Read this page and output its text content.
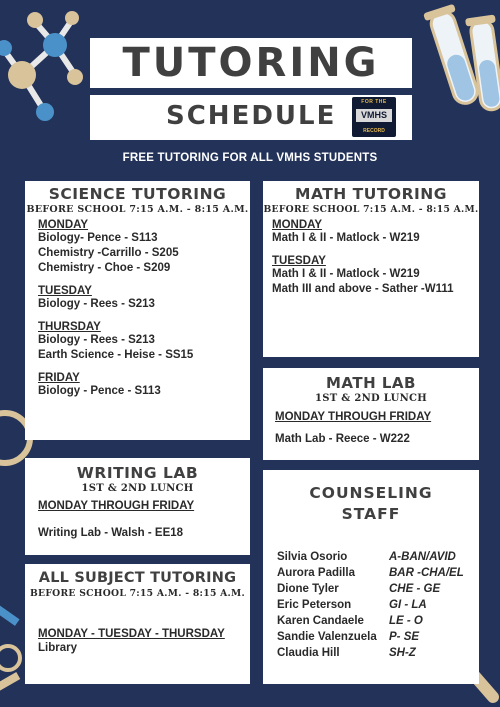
TUTORING
SCHEDULE	FOR THE
VMHS
RECORD
FREE TUTORING FOR ALL VMHS STUDENTS
SCIENCE TUTORING
BEFORE SCHOOL 7:15 A.M. - 8:15 A.M.
MONDAY
Biology- Pence - S113
Chemistry -Carrillo - S205
Chemistry - Choe - S209
TUESDAY
Biology - Rees - S213
THURSDAY
Biology - Rees - S213
Earth Science - Heise - SS15
FRIDAY
Biology - Pence - S113
MATH TUTORING
BEFORE SCHOOL 7:15 A.M. - 8:15 A.M.
MONDAY
Math I & II - Matlock - W219
TUESDAY
Math I & II - Matlock - W219
Math III and above - Sather -W111
MATH LAB
1ST & 2ND LUNCH
MONDAY THROUGH FRIDAY
Math Lab - Reece - W222
WRITING LAB
1ST & 2ND LUNCH
MONDAY THROUGH FRIDAY
Writing Lab - Walsh - EE18
ALL SUBJECT TUTORING
BEFORE SCHOOL 7:15 A.M. - 8:15 A.M.
MONDAY - TUESDAY - THURSDAY
Library
COUNSELING
STAFF
Silvia Osorio	A-BAN/AVID
Aurora Padilla	BAR -CHA/EL
Dione Tyler	CHE - GE
Eric Peterson	GI - LA
Karen Candaele	LE - O
Sandie Valenzuela	P- SE
Claudia Hill	SH-Z
